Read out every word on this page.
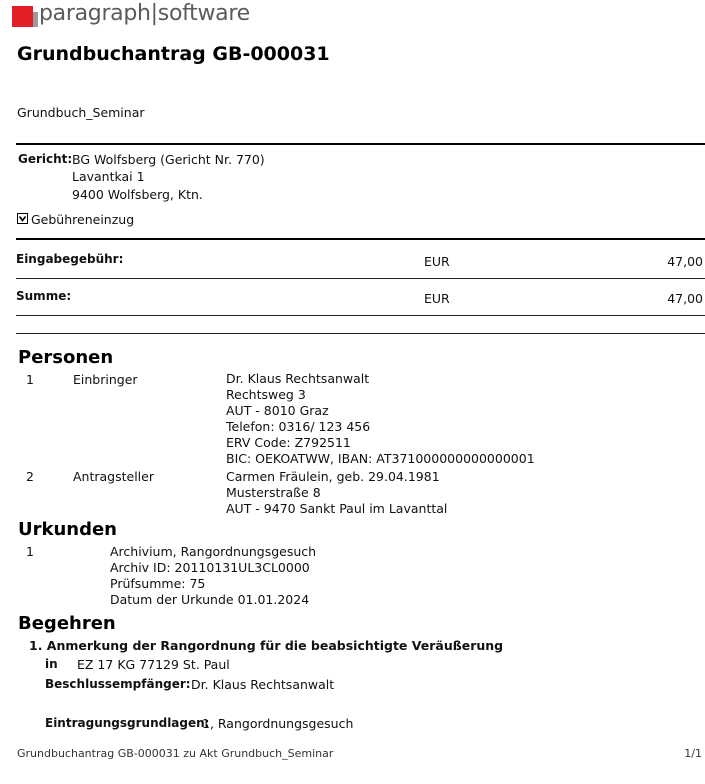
paragraph|software
Grundbuchantrag GB-000031
Grundbuch_Seminar
Gericht: BG Wolfsberg (Gericht Nr. 770)
Lavantkai 1
9400 Wolfsberg, Ktn.
Gebühreneinzug
Eingabegebühr:	EUR	47,00
Summe:	EUR	47,00
Personen
1	Einbringer	Dr. Klaus Rechtsanwalt
Rechtsweg 3
AUT - 8010 Graz
Telefon: 0316/ 123 456
ERV Code: Z792511
BIC: OEKOATWW, IBAN: AT371000000000000001
2	Antragsteller	Carmen Fräulein, geb. 29.04.1981
Musterstraße 8
AUT - 9470 Sankt Paul im Lavanttal
Urkunden
1	Archivium, Rangordnungsgesuch
Archiv ID: 20110131UL3CL0000
Prüfsumme: 75
Datum der Urkunde 01.01.2024
Begehren
1. Anmerkung der Rangordnung für die beabsichtigte Veräußerung
in EZ 17 KG 77129 St. Paul
Beschlussempfänger: Dr. Klaus Rechtsanwalt
Eintragungsgrundlagen:
1, Rangordnungsgesuch
Grundbuchantrag GB-000031 zu Akt Grundbuch_Seminar	1/1
